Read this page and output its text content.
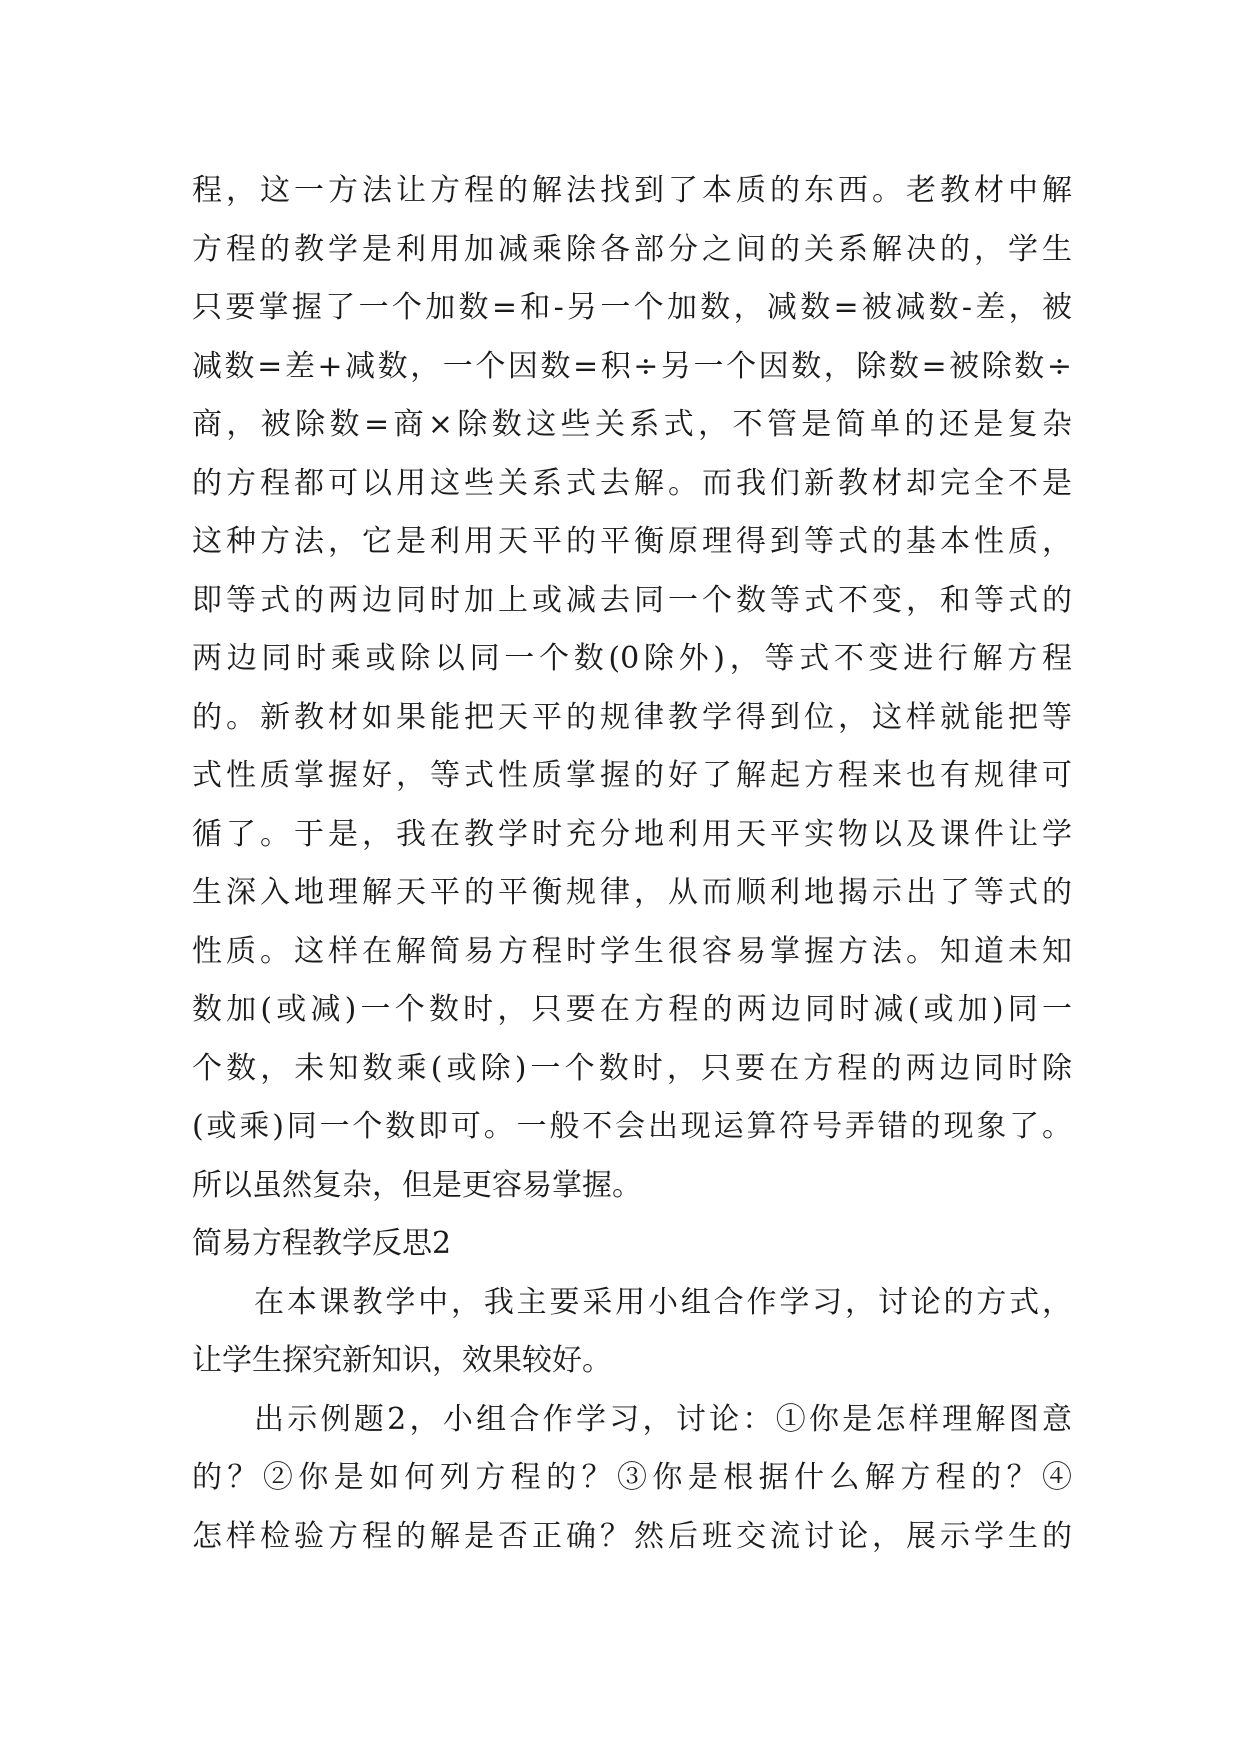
程，这一方法让方程的解法找到了本质的东西。老教材中解
方程的教学是利用加减乘除各部分之间的关系解决的，学生
只要掌握了一个加数=和-另一个加数，减数=被减数-差，被
减数=差+减数，一个因数=积÷另一个因数，除数=被除数÷
商，被除数=商×除数这些关系式，不管是简单的还是复杂
的方程都可以用这些关系式去解。而我们新教材却完全不是
这种方法，它是利用天平的平衡原理得到等式的基本性质，
即等式的两边同时加上或减去同一个数等式不变，和等式的
两边同时乘或除以同一个数(0除外)，等式不变进行解方程
的。新教材如果能把天平的规律教学得到位，这样就能把等
式性质掌握好，等式性质掌握的好了解起方程来也有规律可
循了。于是，我在教学时充分地利用天平实物以及课件让学
生深入地理解天平的平衡规律，从而顺利地揭示出了等式的
性质。这样在解简易方程时学生很容易掌握方法。知道未知
数加(或减)一个数时，只要在方程的两边同时减(或加)同一
个数，未知数乘(或除)一个数时，只要在方程的两边同时除
(或乘)同一个数即可。一般不会出现运算符号弄错的现象了。
所以虽然复杂，但是更容易掌握。
简易方程教学反思2
在本课教学中，我主要采用小组合作学习，讨论的方式，
让学生探究新知识，效果较好。
出示例题2，小组合作学习，讨论：①你是怎样理解图意
的？②你是如何列方程的？③你是根据什么解方程的？④
怎样检验方程的解是否正确？然后班交流讨论，展示学生的
